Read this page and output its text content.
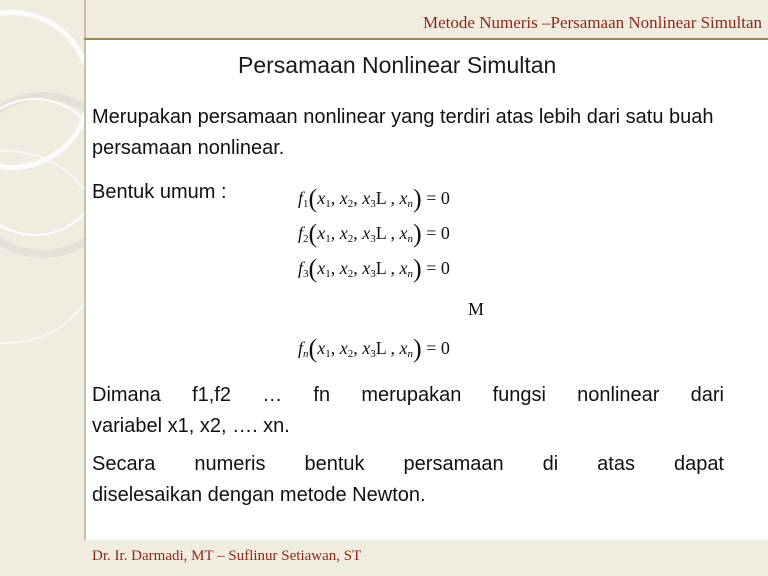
Metode Numeris –Persamaan Nonlinear Simultan
Persamaan Nonlinear Simultan
Merupakan persamaan nonlinear yang terdiri atas lebih dari satu buah persamaan nonlinear.
Bentuk umum :	$f_1(x_1$, $x_2$, $x_3L$ , $x_n) = 0$
$f_2(x_1$, $x_2$, $x_3L$ , $x_n) = 0$
$f_3(x_1$, $x_2$, $x_3L$ , $x_n) = 0$
M
$f_n(x_1$, $x_2$, $x_3L$ , $x_n) = 0$
Dimana f1,f2 … fn merupakan fungsi nonlinear dari
variabel x1, x2, …. xn.
Secara numeris bentuk persamaan di atas dapat
diselesaikan dengan metode Newton.
Dr. Ir. Darmadi, MT – Suflinur Setiawan, ST
